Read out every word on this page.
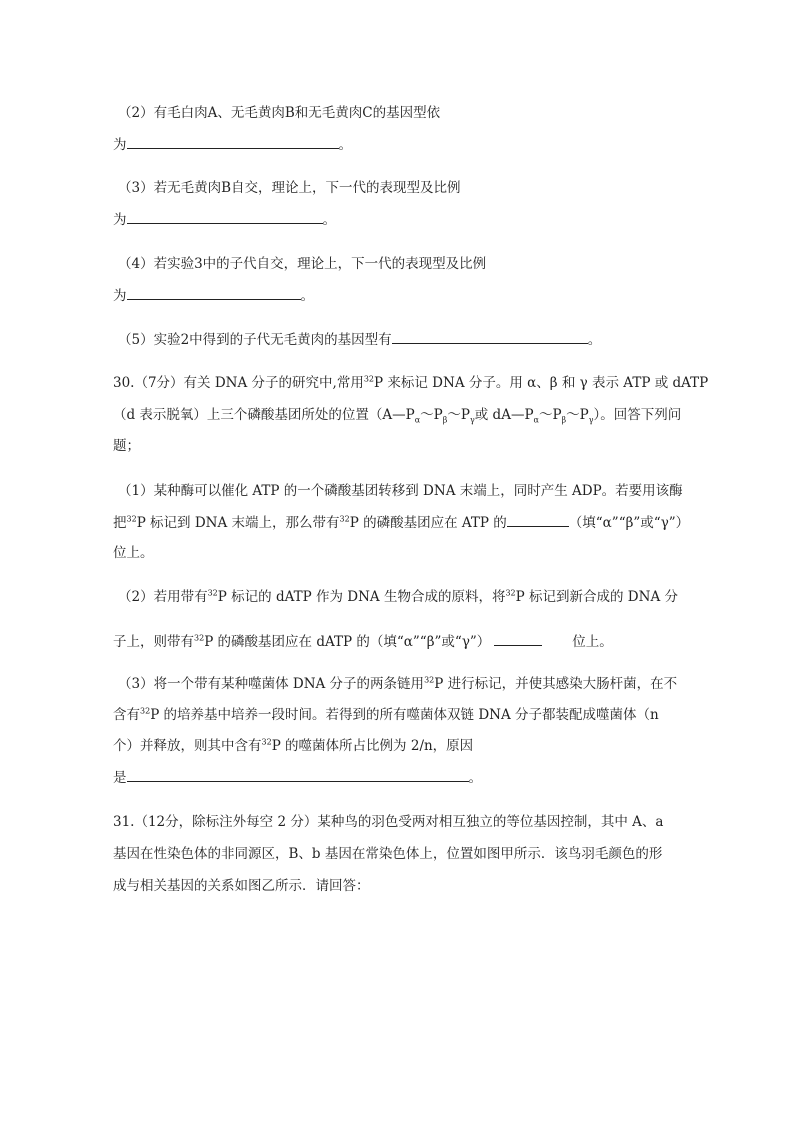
（2）有毛白肉A、无毛黄肉B和无毛黄肉C的基因型依
为	。
（3）若无毛黄肉B自交，理论上，下一代的表现型及比例
为	。
（4）若实验3中的子代自交，理论上，下一代的表现型及比例
为	。
（5）实验2中得到的子代无毛黄肉的基因型有	。
30.（7分）有关 DNA 分子的研究中,常用$^{32}$P 来标记 DNA 分子。用 α、β 和 γ 表示 ATP 或 dATP
（d 表示脱氧）上三个磷酸基团所处的位置（$A—P_\alpha\sim P_\beta\sim P_\gamma$或 $dA—P_\alpha\sim P_\beta\sim P_\gamma$）。回答下列问
题；
（1）某种酶可以催化 ATP 的一个磷酸基团转移到 DNA 末端上，同时产生 ADP。若要用该酶
把$^{32}$P 标记到 DNA 末端上，那么带有$^{32}$P 的磷酸基团应在 ATP 的	（填“α”“β”或“γ”）
位上。
（2）若用带有$^{32}$P 标记的 dATP 作为 DNA 生物合成的原料，将$^{32}$P 标记到新合成的 DNA 分
子上，则带有$^{32}$P 的磷酸基团应在 dATP 的（填“α”“β”或“γ”）	位上。
（3）将一个带有某种噬菌体 DNA 分子的两条链用$^{32}$P 进行标记，并使其感染大肠杆菌，在不
含有$^{32}$P 的培养基中培养一段时间。若得到的所有噬菌体双链 DNA 分子都装配成噬菌体（n
个）并释放，则其中含有$^{32}$P 的噬菌体所占比例为 2/n，原因
是	。
31.（12分，除标注外每空 2 分）某种鸟的羽色受两对相互独立的等位基因控制，其中 A、a
基因在性染色体的非同源区，B、b 基因在常染色体上，位置如图甲所示．该鸟羽毛颜色的形
成与相关基因的关系如图乙所示．请回答：
